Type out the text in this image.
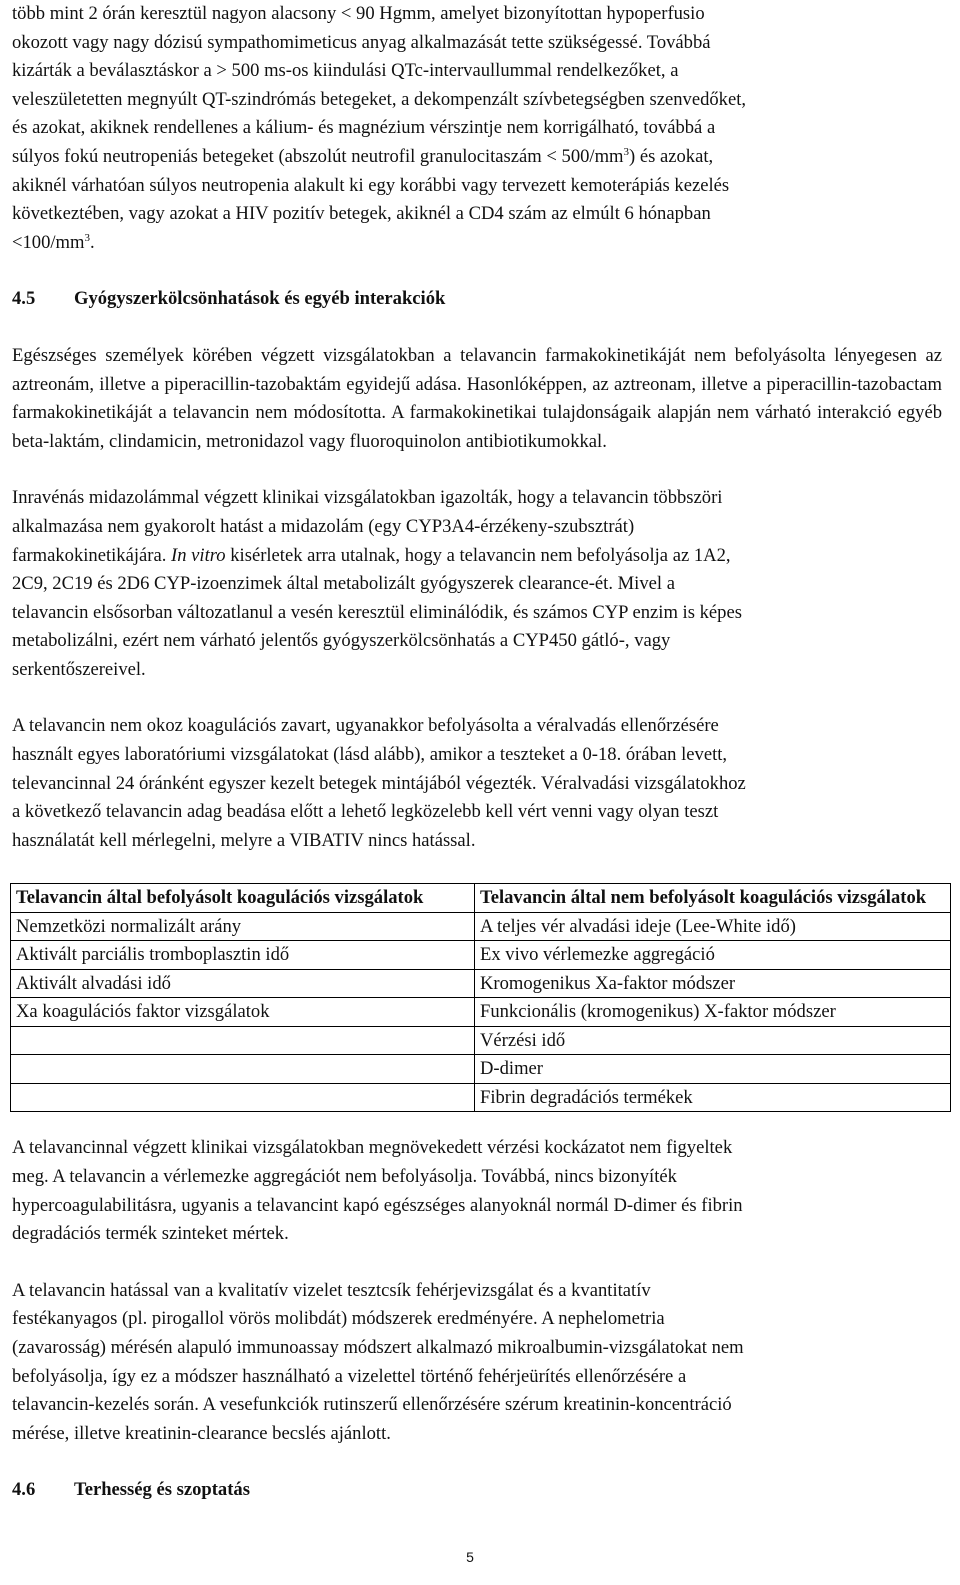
több mint 2 órán keresztül nagyon alacsony < 90 Hgmm, amelyet bizonyítottan hypoperfusio

okozott vagy nagy dózisú sympathomimeticus anyag alkalmazását tette szükségessé. Továbbá

kizárták a beválasztáskor a > 500 ms-os kiindulási QTc-intervaullummal rendelkezőket, a

veleszületetten megnyúlt QT-szindrómás betegeket, a dekompenzált szívbetegségben szenvedőket,

és azokat, akiknek rendellenes a kálium- és magnézium vérszintje nem korrigálható, továbbá a

súlyos fokú neutropeniás betegeket (abszolút neutrofil granulocitaszám < $500/mm^3$) és azokat,

akiknél várhatóan súlyos neutropenia alakult ki egy korábbi vagy tervezett kemoterápiás kezelés

következtében, vagy azokat a HIV pozitív betegek, akiknél a CD4 szám az elmúlt 6 hónapban

$<100/mm^3$.

4.5 Gyógyszerkölcsönhatások és egyéb interakciók

Egészséges személyek körében végzett vizsgálatokban a telavancin farmakokinetikáját nem befolyásolta lényegesen az aztreonám, illetve a piperacillin-tazobaktám egyidejű adása. Hasonlóképpen, az aztreonam, illetve a piperacillin-tazobactam farmakokinetikáját a telavancin nem módosította. A farmakokinetikai tulajdonságaik alapján nem várható interakció egyéb beta-laktám, clindamicin, metronidazol vagy fluoroquinolon antibiotikumokkal.

Inravénás midazolámmal végzett klinikai vizsgálatokban igazolták, hogy a telavancin többszöri

alkalmazása nem gyakorolt hatást a midazolám (egy CYP3A4-érzékeny-szubsztrát)

farmakokinetikájára. In vitro kisérletek arra utalnak, hogy a telavancin nem befolyásolja az 1A2,

2C9, 2C19 és 2D6 CYP-izoenzimek által metabolizált gyógyszerek clearance-ét. Mivel a

telavancin elsősorban változatlanul a vesén keresztül eliminálódik, és számos CYP enzim is képes

metabolizálni, ezért nem várható jelentős gyógyszerkölcsönhatás a CYP450 gátló-, vagy

serkentőszereivel.

A telavancin nem okoz koagulációs zavart, ugyanakkor befolyásolta a véralvadás ellenőrzésére

használt egyes laboratóriumi vizsgálatokat (lásd alább), amikor a teszteket a 0-18. órában levett,

televancinnal 24 óránként egyszer kezelt betegek mintájából végezték. Véralvadási vizsgálatokhoz

a következő telavancin adag beadása előtt a lehető legközelebb kell vért venni vagy olyan teszt

használatát kell mérlegelni, melyre a VIBATIV nincs hatással.

Telavancin által befolyásolt koagulációs vizsgálatok	Telavancin által nem befolyásolt koagulációs vizsgálatok
Nemzetközi normalizált arány	A teljes vér alvadási ideje (Lee-White idő)
Aktivált parciális tromboplasztin idő	Ex vivo vérlemezke aggregáció
Aktivált alvadási idő	Kromogenikus Xa-faktor módszer
Xa koagulációs faktor vizsgálatok	Funkcionális (kromogenikus) X-faktor módszer
	Vérzési idő
	D-dimer
	Fibrin degradációs termékek

A telavancinnal végzett klinikai vizsgálatokban megnövekedett vérzési kockázatot nem figyeltek

meg. A telavancin a vérlemezke aggregációt nem befolyásolja. Továbbá, nincs bizonyíték

hypercoagulabilitásra, ugyanis a telavancint kapó egészséges alanyoknál normál D-dimer és fibrin

degradációs termék szinteket mértek.

A telavancin hatással van a kvalitatív vizelet tesztcsík fehérjevizsgálat és a kvantitatív

festékanyagos (pl. pirogallol vörös molibdát) módszerek eredményére. A nephelometria

(zavarosság) mérésén alapuló immunoassay módszert alkalmazó mikroalbumin-vizsgálatokat nem

befolyásolja, így ez a módszer használható a vizelettel történő fehérjeürítés ellenőrzésére a

telavancin-kezelés során. A vesefunkciók rutinszerű ellenőrzésére szérum kreatinin-koncentráció

mérése, illetve kreatinin-clearance becslés ajánlott.

4.6 Terhesség és szoptatás
5
